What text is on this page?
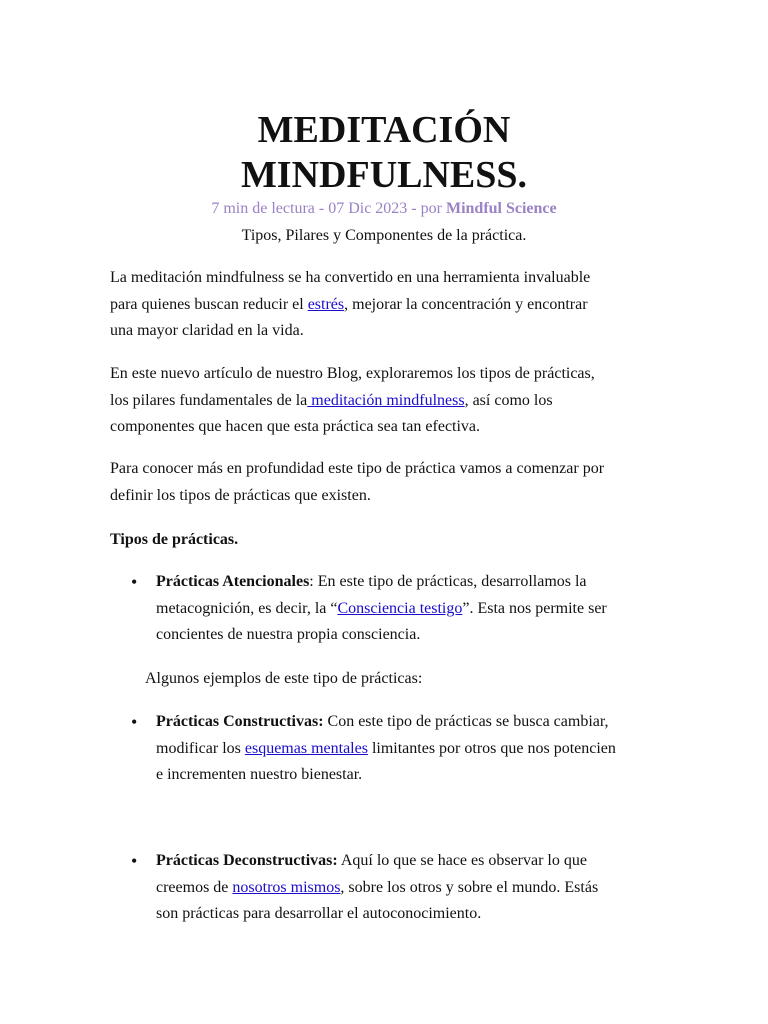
MEDITACIÓN
MINDFULNESS.
7 min de lectura - 07 Dic 2023 - por Mindful Science
Tipos, Pilares y Componentes de la práctica.

La meditación mindfulness se ha convertido en una herramienta invaluable
para quienes buscan reducir el estrés, mejorar la concentración y encontrar
una mayor claridad en la vida.

En este nuevo artículo de nuestro Blog, exploraremos los tipos de prácticas,
los pilares fundamentales de la meditación mindfulness, así como los
componentes que hacen que esta práctica sea tan efectiva.

Para conocer más en profundidad este tipo de práctica vamos a comenzar por
definir los tipos de prácticas que existen.

Tipos de prácticas.
• Prácticas Atencionales: En este tipo de prácticas, desarrollamos la
metacognición, es decir, la “Consciencia testigo”. Esta nos permite ser
concientes de nuestra propia consciencia.

Algunos ejemplos de este tipo de prácticas:
• Prácticas Constructivas: Con este tipo de prácticas se busca cambiar,
modificar los esquemas mentales limitantes por otros que nos potencien
e incrementen nuestro bienestar.

• Prácticas Deconstructivas: Aquí lo que se hace es observar lo que
creemos de nosotros mismos, sobre los otros y sobre el mundo. Estás
son prácticas para desarrollar el autoconocimiento.
